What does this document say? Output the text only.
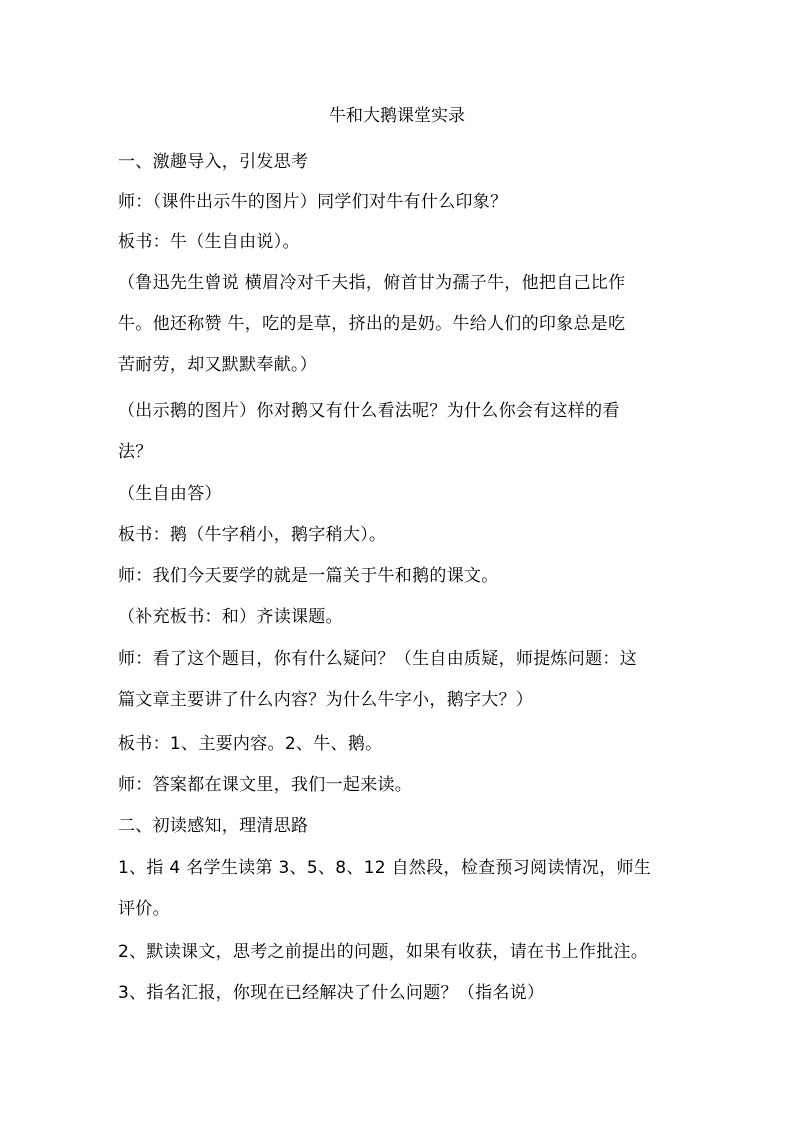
牛和大鹅课堂实录
一、激趣导入，引发思考
师：（课件出示牛的图片）同学们对牛有什么印象？
板书：牛（生自由说）。
（鲁迅先生曾说 横眉冷对千夫指，俯首甘为孺子牛，他把自己比作
牛。他还称赞 牛，吃的是草，挤出的是奶。牛给人们的印象总是吃
苦耐劳，却又默默奉献。）
（出示鹅的图片）你对鹅又有什么看法呢？为什么你会有这样的看
法？
（生自由答）
板书：鹅（牛字稍小，鹅字稍大）。
师：我们今天要学的就是一篇关于牛和鹅的课文。
（补充板书：和）齐读课题。
师：看了这个题目，你有什么疑问？（生自由质疑，师提炼问题：这
篇文章主要讲了什么内容？为什么牛字小，鹅字大？）
板书：1、主要内容。2、牛、鹅。
师：答案都在课文里，我们一起来读。
二、初读感知，理清思路
1、指 4 名学生读第 3、5、8、12 自然段，检查预习阅读情况，师生
评价。
2、默读课文，思考之前提出的问题，如果有收获，请在书上作批注。
3、指名汇报，你现在已经解决了什么问题？（指名说）
